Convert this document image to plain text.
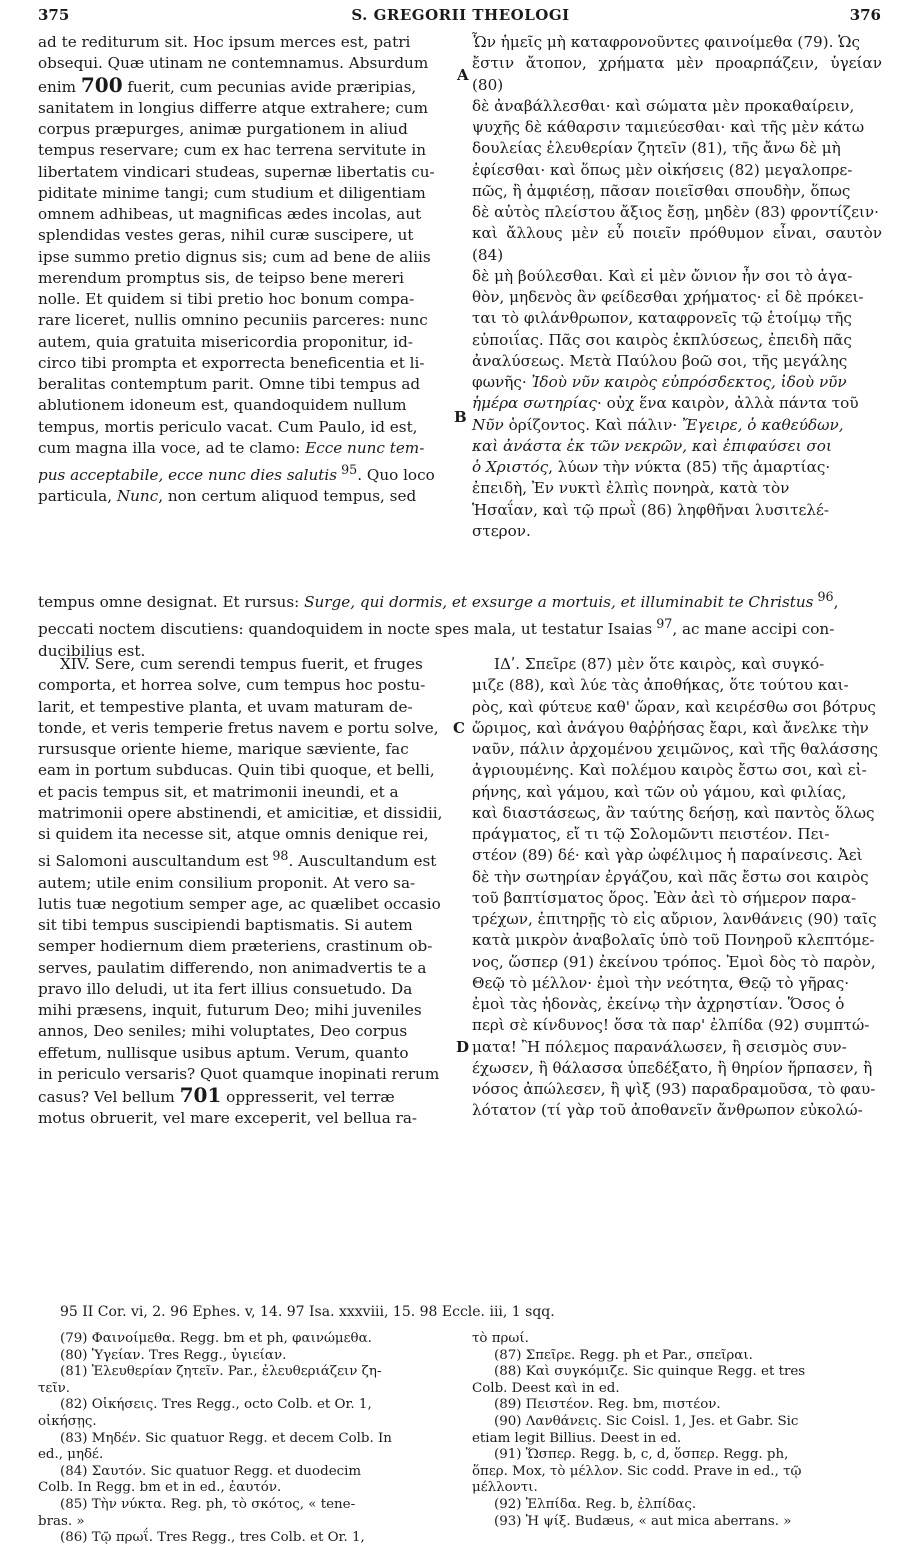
375	S. GREGORII THEOLOGI	376
A
B
C
D

ad te rediturum sit. Hoc ipsum merces est, patri

obsequi. Quæ utinam ne contemnamus. Absurdum

enim 700 fuerit, cum pecunias avide præripias,

sanitatem in longius differre atque extrahere; cum

corpus præpurges, animæ purgationem in aliud

tempus reservare; cum ex hac terrena servitute in

libertatem vindicari studeas, supernæ libertatis cu-

piditate minime tangi; cum studium et diligentiam

omnem adhibeas, ut magnificas ædes incolas, aut

splendidas vestes geras, nihil curæ suscipere, ut

ipse summo pretio dignus sis; cum ad bene de aliis

merendum promptus sis, de teipso bene mereri

nolle. Et quidem si tibi pretio hoc bonum compa-

rare liceret, nullis omnino pecuniis parceres: nunc

autem, quia gratuita misericordia proponitur, id-

circo tibi prompta et exporrecta beneficentia et li-

beralitas contemptum parit. Omne tibi tempus ad

ablutionem idoneum est, quandoquidem nullum

tempus, mortis periculo vacat. Cum Paulo, id est,

cum magna illa voce, ad te clamo: Ecce nunc tem-

pus acceptabile, ecce nunc dies salutis $^{95}$. Quo loco

particula, Nunc, non certum aliquod tempus, sed

Ὧν ἡμεῖς μὴ καταφρονοῦντες φαινοίμεθα (79). Ὡς

ἔστιν ἄτοπον, χρήματα μὲν προαρπάζειν, ὑγείαν (80)

δὲ ἀναβάλλεσθαι· καὶ σώματα μὲν προκαθαίρειν,

ψυχῆς δὲ κάθαρσιν ταμιεύεσθαι· καὶ τῆς μὲν κάτω

δουλείας ἐλευθερίαν ζητεῖν (81), τῆς ἄνω δὲ μὴ

ἐφίεσθαι· καὶ ὅπως μὲν οἰκήσεις (82) μεγαλοπρε-

πῶς, ἢ ἀμφιέσῃ, πᾶσαν ποιεῖσθαι σπουδὴν, ὅπως

δὲ αὐτὸς πλείστου ἄξιος ἔσῃ, μηδὲν (83) φροντίζειν·

καὶ ἄλλους μὲν εὖ ποιεῖν πρόθυμον εἶναι, σαυτὸν (84)

δὲ μὴ βούλεσθαι. Καὶ εἰ μὲν ὤνιον ἦν σοι τὸ ἀγα-

θὸν, μηδενὸς ἂν φείδεσθαι χρήματος· εἰ δὲ πρόκει-

ται τὸ φιλάνθρωπον, καταφρονεῖς τῷ ἑτοίμῳ τῆς

εὐποιΐας. Πᾶς σοι καιρὸς ἐκπλύσεως, ἐπειδὴ πᾶς

ἀναλύσεως. Μετὰ Παύλου βοῶ σοι, τῆς μεγάλης

φωνῆς· Ἰδοὺ νῦν καιρὸς εὐπρόσδεκτος, ἰδοὺ νῦν

ἡμέρα σωτηρίας· οὐχ ἕνα καιρὸν, ἀλλὰ πάντα τοῦ

Νῦν ὁρίζοντος. Καὶ πάλιν· Ἔγειρε, ὁ καθεύδων,

καὶ ἀνάστα ἐκ τῶν νεκρῶν, καὶ ἐπιφαύσει σοι

ὁ Χριστός, λύων τὴν νύκτα (85) τῆς ἁμαρτίας·

ἐπειδὴ, Ἐν νυκτὶ ἐλπὶς πονηρὰ, κατὰ τὸν

Ἡσαΐαν, καὶ τῷ πρωῒ (86) ληφθῆναι λυσιτελέ-

στερον.

tempus omne designat. Et rursus: Surge, qui dormis, et exsurge a mortuis, et illuminabit te Christus $^{96}$,

peccati noctem discutiens: quandoquidem in nocte spes mala, ut testatur Isaias $^{97}$, ac mane accipi con-

ducibilius est.

XIV. Sere, cum serendi tempus fuerit, et fruges

comporta, et horrea solve, cum tempus hoc postu-

larit, et tempestive planta, et uvam maturam de-

tonde, et veris temperie fretus navem e portu solve,

rursusque oriente hieme, marique sæviente, fac

eam in portum subducas. Quin tibi quoque, et belli,

et pacis tempus sit, et matrimonii ineundi, et a

matrimonii opere abstinendi, et amicitiæ, et dissidii,

si quidem ita necesse sit, atque omnis denique rei,

si Salomoni auscultandum est $^{98}$. Auscultandum est

autem; utile enim consilium proponit. At vero sa-

lutis tuæ negotium semper age, ac quælibet occasio

sit tibi tempus suscipiendi baptismatis. Si autem

semper hodiernum diem præteriens, crastinum ob-

serves, paulatim differendo, non animadvertis te a

pravo illo deludi, ut ita fert illius consuetudo. Da

mihi præsens, inquit, futurum Deo; mihi juveniles

annos, Deo seniles; mihi voluptates, Deo corpus

effetum, nullisque usibus aptum. Verum, quanto

in periculo versaris? Quot quamque inopinati rerum

casus? Vel bellum 701 oppresserit, vel terræ

motus obruerit, vel mare exceperit, vel bellua ra-

ΙΔʹ. Σπεῖρε (87) μὲν ὅτε καιρὸς, καὶ συγκό-

μιζε (88), καὶ λύε τὰς ἀποθήκας, ὅτε τούτου και-

ρὸς, καὶ φύτευε καθ' ὥραν, καὶ κειρέσθω σοι βότρυς

ὥριμος, καὶ ἀνάγου θαῤῥήσας ἔαρι, καὶ ἄνελκε τὴν

ναῦν, πάλιν ἀρχομένου χειμῶνος, καὶ τῆς θαλάσσης

ἀγριουμένης. Καὶ πολέμου καιρὸς ἔστω σοι, καὶ εἰ-

ρήνης, καὶ γάμου, καὶ τῶν οὐ γάμου, καὶ φιλίας,

καὶ διαστάσεως, ἂν ταύτης δεήσῃ, καὶ παντὸς ὅλως

πράγματος, εἴ τι τῷ Σολομῶντι πειστέον. Πει-

στέον (89) δέ· καὶ γὰρ ὠφέλιμος ἡ παραίνεσις. Ἀεὶ

δὲ τὴν σωτηρίαν ἐργάζου, καὶ πᾶς ἔστω σοι καιρὸς

τοῦ βαπτίσματος ὅρος. Ἐὰν ἀεὶ τὸ σήμερον παρα-

τρέχων, ἐπιτηρῇς τὸ εἰς αὔριον, λανθάνεις (90) ταῖς

κατὰ μικρὸν ἀναβολαῖς ὑπὸ τοῦ Πονηροῦ κλεπτόμε-

νος, ὥσπερ (91) ἐκείνου τρόπος. Ἐμοὶ δὸς τὸ παρὸν,

Θεῷ τὸ μέλλον· ἐμοὶ τὴν νεότητα, Θεῷ τὸ γῆρας·

ἐμοὶ τὰς ἡδονὰς, ἐκείνῳ τὴν ἀχρηστίαν. Ὅσος ὁ

περὶ σὲ κίνδυνος! ὅσα τὰ παρ' ἐλπίδα (92) συμπτώ-

ματα! Ἢ πόλεμος παρανάλωσεν, ἢ σεισμὸς συν-

έχωσεν, ἢ θάλασσα ὑπεδέξατο, ἢ θηρίον ἥρπασεν, ἢ

νόσος ἀπώλεσεν, ἢ ψὶξ (93) παραδραμοῦσα, τὸ φαυ-

λότατον (τί γὰρ τοῦ ἀποθανεῖν ἄνθρωπον εὐκολώ-

95 II Cor. vi, 2. 96 Ephes. v, 14. 97 Isa. xxxviii, 15. 98 Eccle. iii, 1 sqq.

(79) Φαινοίμεθα. Regg. bm et ph, φαινώμεθα.

(80) Ὑγείαν. Tres Regg., ὑγιείαν.

(81) Ἐλευθερίαν ζητεῖν. Par., ἐλευθεριάζειν ζη-

τεῖν.

(82) Οἰκήσεις. Tres Regg., octo Colb. et Or. 1,

οἰκήσῃς.

(83) Μηδέν. Sic quatuor Regg. et decem Colb. In

ed., μηδέ.

(84) Σαυτόν. Sic quatuor Regg. et duodecim

Colb. In Regg. bm et in ed., ἑαυτόν.

(85) Τὴν νύκτα. Reg. ph, τὸ σκότος, « tene-

bras. »

(86) Τῷ πρωΐ. Tres Regg., tres Colb. et Or. 1,

τὸ πρωί.

(87) Σπεῖρε. Regg. ph et Par., σπεῖραι.

(88) Καὶ συγκόμιζε. Sic quinque Regg. et tres

Colb. Deest καὶ in ed.

(89) Πειστέον. Reg. bm, πιστέον.

(90) Λανθάνεις. Sic Coisl. 1, Jes. et Gabr. Sic

etiam legit Billius. Deest in ed.

(91) Ὥσπερ. Regg. b, c, d, ὅσπερ. Regg. ph,

ὅπερ. Mox, τὸ μέλλον. Sic codd. Prave in ed., τῷ

μέλλοντι.

(92) Ἐλπίδα. Reg. b, ἐλπίδας.

(93) Ἡ ψίξ. Budæus, « aut mica aberrans. »
